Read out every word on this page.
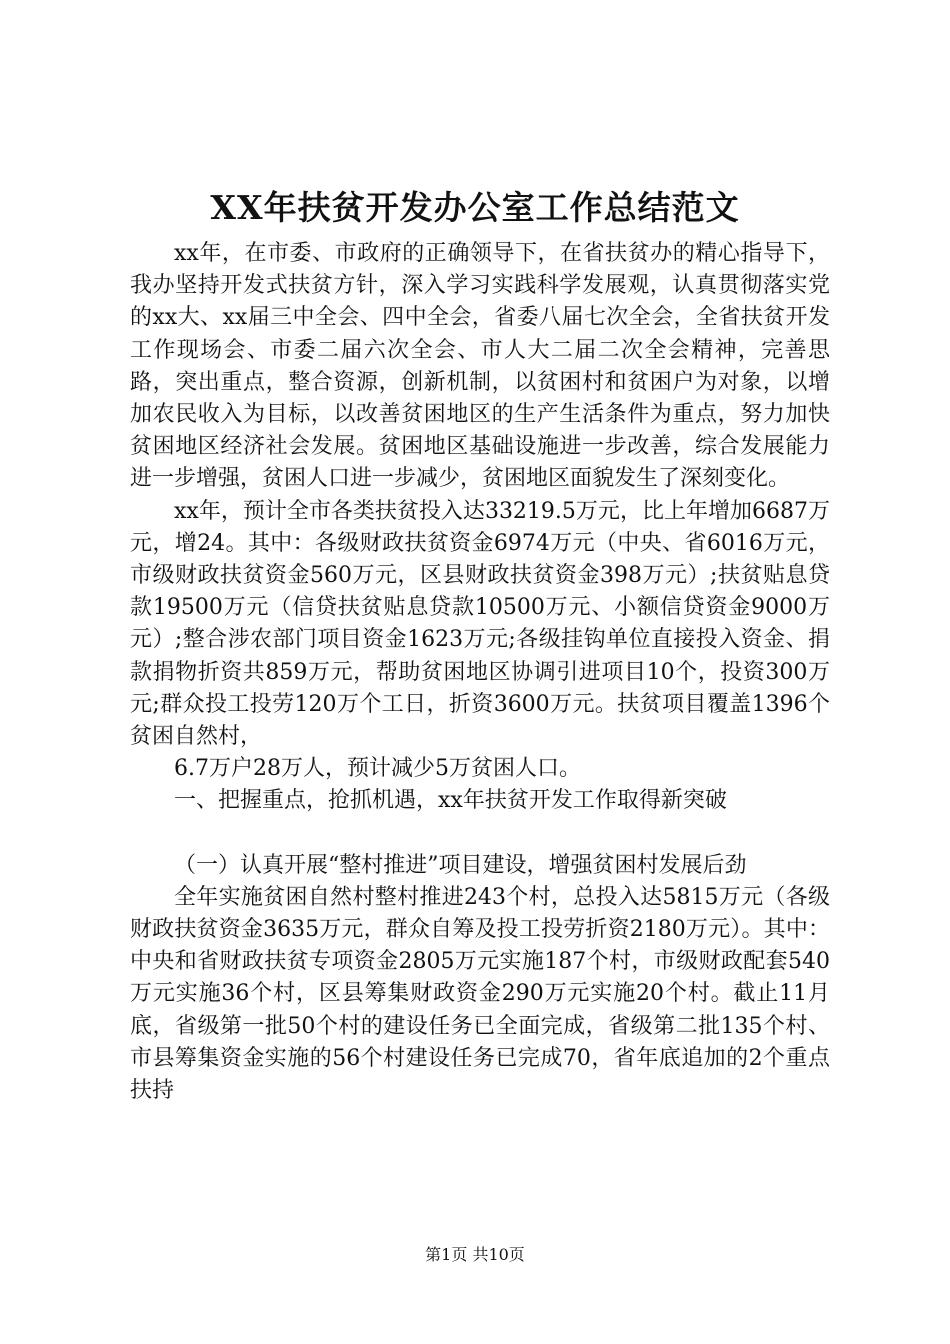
XX年扶贫开发办公室工作总结范文

xx年，在市委、市政府的正确领导下，在省扶贫办的精心指导下，我办坚持开发式扶贫方针，深入学习实践科学发展观，认真贯彻落实党的xx大、xx届三中全会、四中全会，省委八届七次全会，全省扶贫开发工作现场会、市委二届六次全会、市人大二届二次全会精神，完善思路，突出重点，整合资源，创新机制，以贫困村和贫困户为对象，以增加农民收入为目标，以改善贫困地区的生产生活条件为重点，努力加快贫困地区经济社会发展。贫困地区基础设施进一步改善，综合发展能力进一步增强，贫困人口进一步减少，贫困地区面貌发生了深刻变化。

xx年，预计全市各类扶贫投入达33219.5万元，比上年增加6687万元，增24。其中：各级财政扶贫资金6974万元（中央、省6016万元，市级财政扶贫资金560万元，区县财政扶贫资金398万元）;扶贫贴息贷款19500万元（信贷扶贫贴息贷款10500万元、小额信贷资金9000万元）;整合涉农部门项目资金1623万元;各级挂钩单位直接投入资金、捐款捐物折资共859万元，帮助贫困地区协调引进项目10个，投资300万元;群众投工投劳120万个工日，折资3600万元。扶贫项目覆盖1396个贫困自然村，

6.7万户28万人，预计减少5万贫困人口。

一、把握重点，抢抓机遇，xx年扶贫开发工作取得新突破

（一）认真开展“整村推进”项目建设，增强贫困村发展后劲

全年实施贫困自然村整村推进243个村，总投入达5815万元（各级财政扶贫资金3635万元，群众自筹及投工投劳折资2180万元）。其中：中央和省财政扶贫专项资金2805万元实施187个村，市级财政配套540万元实施36个村，区县筹集财政资金290万元实施20个村。截止11月底，省级第一批50个村的建设任务已全面完成，省级第二批135个村、市县筹集资金实施的56个村建设任务已完成70，省年底追加的2个重点扶持

第1页 共10页
